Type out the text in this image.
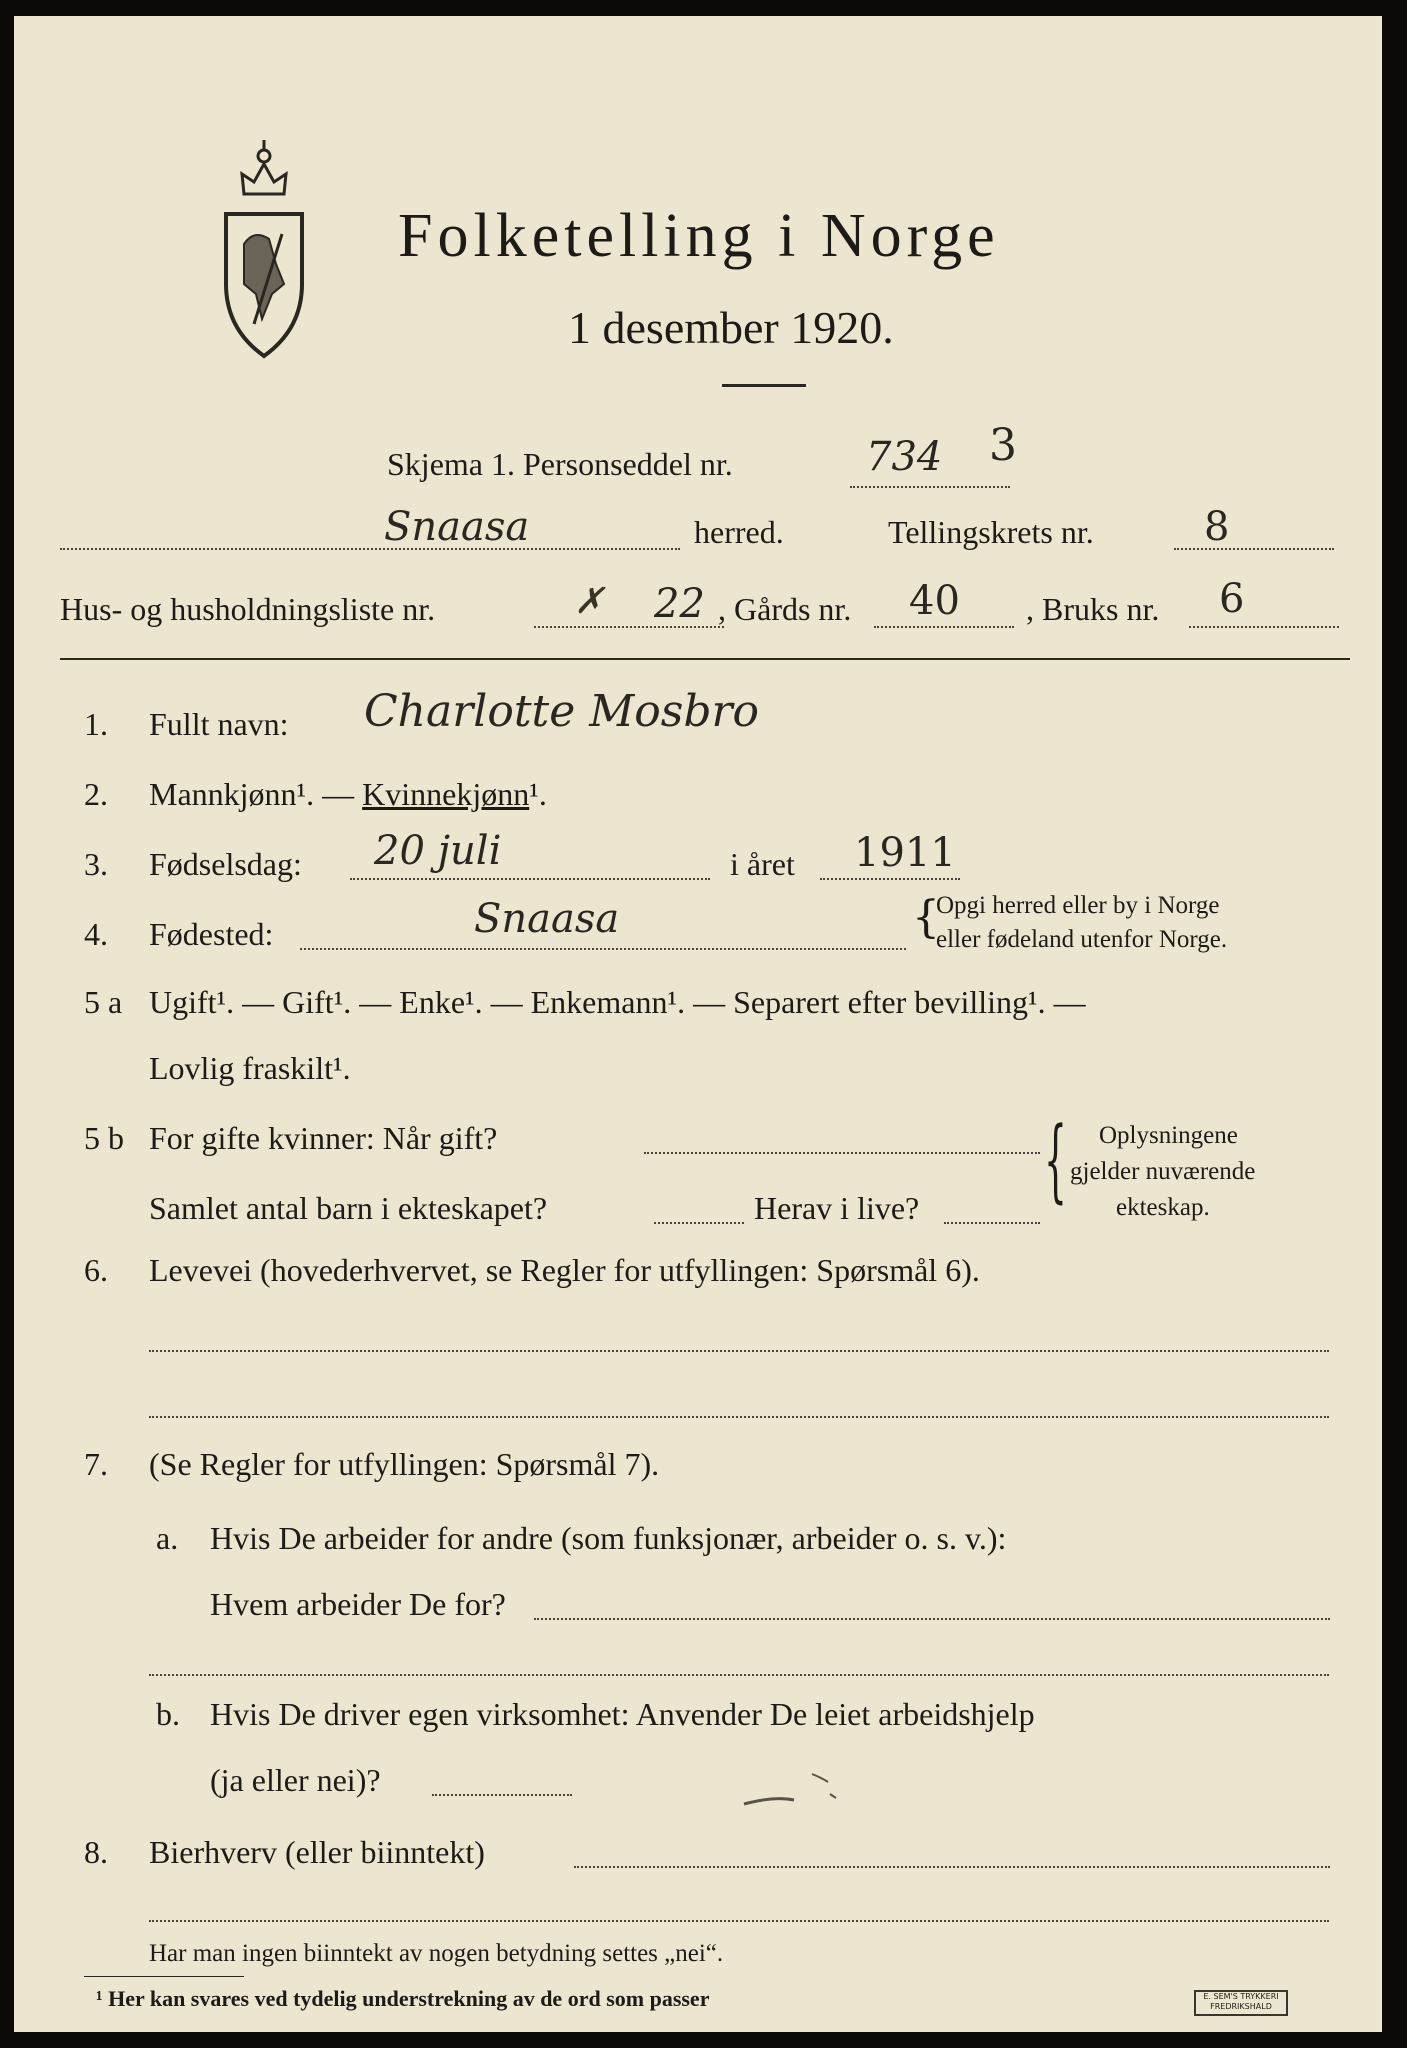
Folketelling i Norge
1 desember 1920.
Skjema 1. Personseddel nr.	734 3
Snaasa	herred.	Tellingskrets nr.	8
Hus- og husholdningsliste nr.	✗ 22 , Gårds nr. 40 , Bruks nr. 6
1. Fullt navn: Charlotte Mosbro
2. Mannkjønn¹. — Kvinnekjønn¹.
3. Fødselsdag: 20 juli	i året 1911
4. Fødested:	Snaasa	{
Opgi herred eller by i Norge
eller fødeland utenfor Norge.
5 a Ugift¹. — Gift¹. — Enke¹. — Enkemann¹. — Separert efter bevilling¹. —
Lovlig fraskilt¹.
5 b For gifte kvinner: Når gift?
Samlet antal barn i ekteskapet?	Herav i live? { Oplysningene
gjelder nuværende
ekteskap.
6. Levevei (hovederhvervet, se Regler for utfyllingen: Spørsmål 6).
7. (Se Regler for utfyllingen: Spørsmål 7).
a. Hvis De arbeider for andre (som funksjonær, arbeider o. s. v.):
Hvem arbeider De for?
b. Hvis De driver egen virksomhet: Anvender De leiet arbeidshjelp
(ja eller nei)?
8. Bierhverv (eller biinntekt)
Har man ingen biinntekt av nogen betydning settes „nei“.
¹ Her kan svares ved tydelig understrekning av de ord som passer	E. SEM'S TRYKKERI
FREDRIKSHALD
